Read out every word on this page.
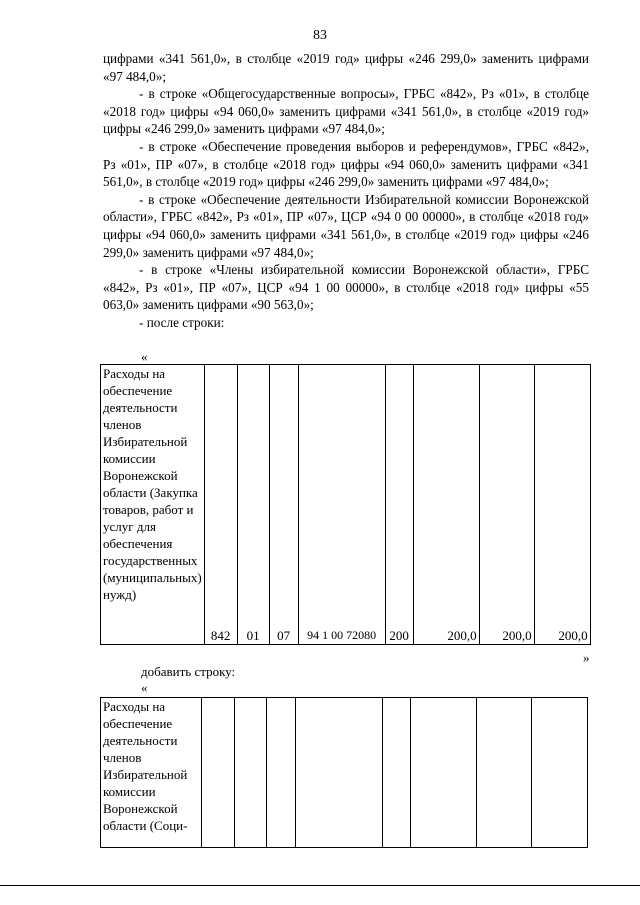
83

цифрами «341 561,0», в столбце «2019 год» цифры «246 299,0» заменить цифрами «97 484,0»;

- в строке «Общегосударственные вопросы», ГРБС «842», Рз «01», в столбце «2018 год» цифры «94 060,0» заменить цифрами «341 561,0», в столбце «2019 год» цифры «246 299,0» заменить цифрами «97 484,0»;

- в строке «Обеспечение проведения выборов и референдумов», ГРБС «842», Рз «01», ПР «07», в столбце «2018 год» цифры «94 060,0» заменить цифрами «341 561,0», в столбце «2019 год» цифры «246 299,0» заменить цифрами «97 484,0»;

- в строке «Обеспечение деятельности Избирательной комиссии Воронежской области», ГРБС «842», Рз «01», ПР «07», ЦСР «94 0 00 00000», в столбце «2018 год» цифры «94 060,0» заменить цифрами «341 561,0», в столбце «2019 год» цифры «246 299,0» заменить цифрами «97 484,0»;

- в строке «Члены избирательной комиссии Воронежской области», ГРБС «842», Рз «01», ПР «07», ЦСР «94 1 00 00000», в столбце «2018 год» цифры «55 063,0» заменить цифрами «90 563,0»;

- после строки:

«
Расходы на обеспечение деятельности членов Избирательной комиссии Воронежской области (Закупка товаров, работ и услуг для обеспечения государственных (муниципальных) нужд)	842	01	07	94 1 00 72080	200	200,0	200,0	200,0
»
добавить строку:
«
Расходы на обеспечение деятельности членов Избирательной комиссии Воронежской области (Соци-								
